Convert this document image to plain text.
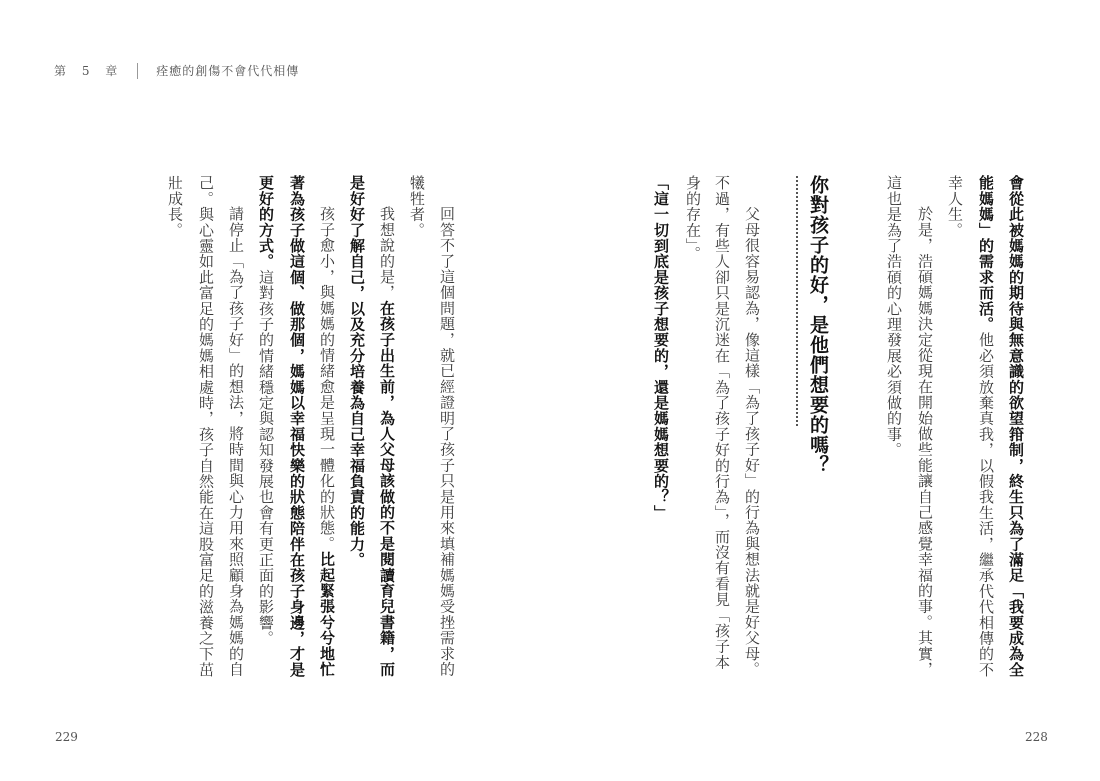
第 5 章	痊癒的創傷不會代代相傳
你對孩子的好，是他們想要的嗎？	會從此被媽媽的期待與無意識的欲望箝制，終生只為了滿足「我要成為全
能媽媽」的需求而活。他必須放棄真我，以假我生活，繼承代代相傳的不
幸人生。
於是，浩碩媽媽決定從現在開始做些能讓自己感覺幸福的事。其實，
這也是為了浩碩的心理發展必須做的事。
父母很容易認為，像這樣「為了孩子好」的行為與想法就是好父母。
不過，有些人卻只是沉迷在「為了孩子好的行為」，而沒有看見「孩子本
身的存在」。
「這一切到底是孩子想要的，還是媽媽想要的？」
回答不了這個問題，就已經證明了孩子只是用來填補媽媽受挫需求的
犧牲者。
我想說的是，在孩子出生前，為人父母該做的不是閱讀育兒書籍，而
是好好了解自己，以及充分培養為自己幸福負責的能力。
孩子愈小，與媽媽的情緒愈是呈現一體化的狀態。比起緊張兮兮地忙
著為孩子做這個、做那個，媽媽以幸福快樂的狀態陪伴在孩子身邊，才是
更好的方式。這對孩子的情緒穩定與認知發展也會有更正面的影響。
請停止「為了孩子好」的想法，將時間與心力用來照顧身為媽媽的自
己。與心靈如此富足的媽媽相處時，孩子自然能在這股富足的滋養之下茁
壯成長。
229	228
